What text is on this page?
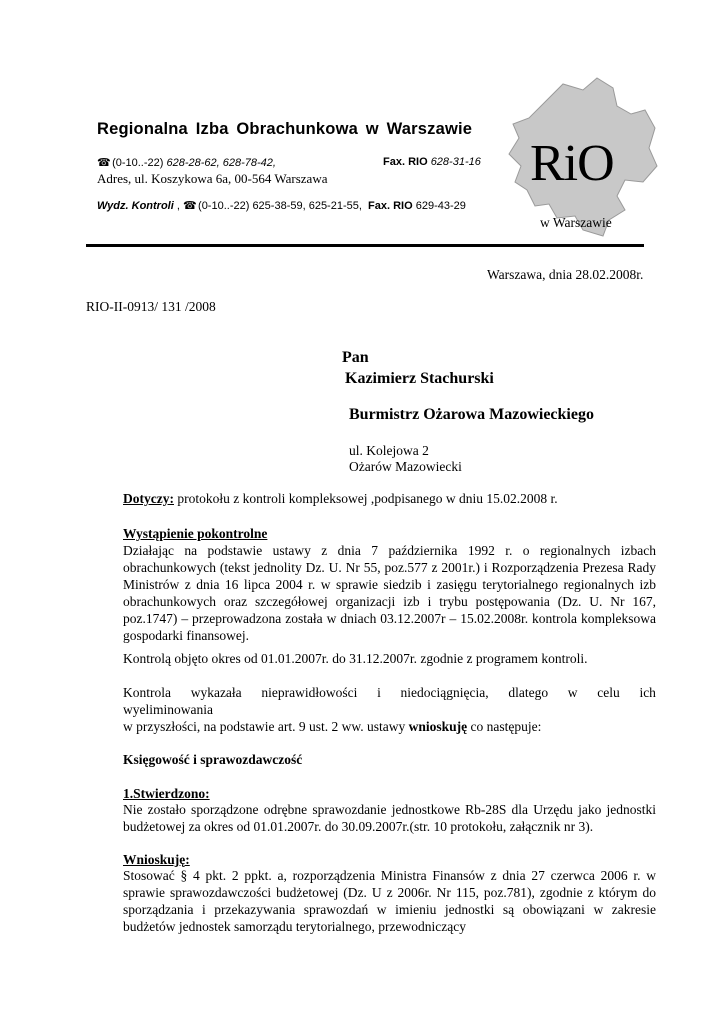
Regionalna Izba Obrachunkowa w Warszawie
☎ (0-10..-22) 628-28-62, 628-78-42,	Fax. RIO 628-31-16
Adres, ul. Koszykowa 6a, 00-564 Warszawa
Wydz. Kontroli , ☎ (0-10..-22) 625-38-59, 625-21-55, Fax. RIO 629-43-29
RiO
w Warszawie
Warszawa, dnia 28.02.2008r.
RIO-II-0913/ 131 /2008
Pan
Kazimierz Stachurski
Burmistrz Ożarowa Mazowieckiego
ul. Kolejowa 2
Ożarów Mazowiecki
Dotyczy: protokołu z kontroli kompleksowej ,podpisanego w dniu 15.02.2008 r.
Wystąpienie pokontrolne
Działając na podstawie ustawy z dnia 7 października 1992 r. o regionalnych izbach obrachunkowych (tekst jednolity Dz. U. Nr 55, poz.577 z 2001r.) i Rozporządzenia Prezesa Rady Ministrów z dnia 16 lipca 2004 r. w sprawie siedzib i zasięgu terytorialnego regionalnych izb obrachunkowych oraz szczegółowej organizacji izb i trybu postępowania (Dz. U. Nr 167, poz.1747) – przeprowadzona została w dniach 03.12.2007r – 15.02.2008r. kontrola kompleksowa gospodarki finansowej.
Kontrolą objęto okres od 01.01.2007r. do 31.12.2007r. zgodnie z programem kontroli.
Kontrola wykazała nieprawidłowości i niedociągnięcia, dlatego w celu ich
wyeliminowania
w przyszłości, na podstawie art. 9 ust. 2 ww. ustawy wnioskuję co następuje:
Księgowość i sprawozdawczość
1.Stwierdzono:
Nie zostało sporządzone odrębne sprawozdanie jednostkowe Rb-28S dla Urzędu jako jednostki budżetowej za okres od 01.01.2007r. do 30.09.2007r.(str. 10 protokołu, załącznik nr 3).
Wnioskuję:
Stosować § 4 pkt. 2 ppkt. a, rozporządzenia Ministra Finansów z dnia 27 czerwca 2006 r. w sprawie sprawozdawczości budżetowej (Dz. U z 2006r. Nr 115, poz.781), zgodnie z którym do sporządzania i przekazywania sprawozdań w imieniu jednostki są obowiązani w zakresie budżetów jednostek samorządu terytorialnego, przewodniczący
